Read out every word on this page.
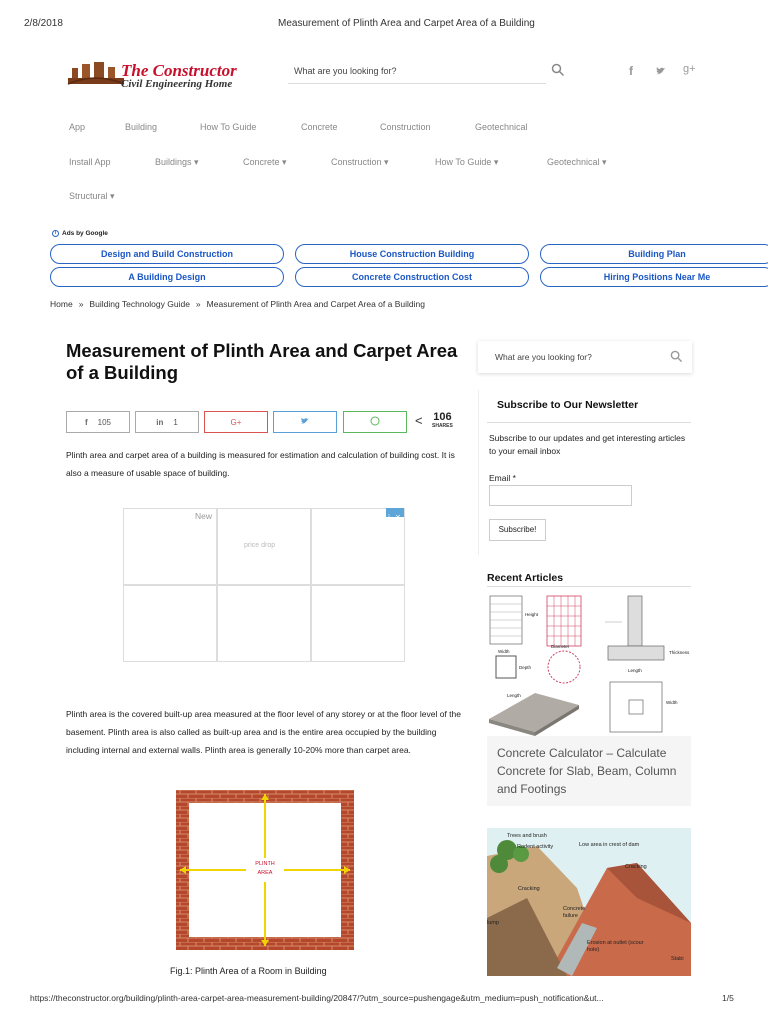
2/8/2018	Measurement of Plinth Area and Carpet Area of a Building
The Constructor
Civil Engineering Home
What are you looking for?	f	g+
App	Building	How To Guide	Concrete	Construction	Geotechnical
Install App	Buildings ▾	Concrete ▾	Construction ▾	How To Guide ▾	Geotechnical ▾
Structural ▾
i Ads by Google
Design and Build Construction	House Construction Building	Building Plan
A Building Design	Concrete Construction Cost	Hiring Positions Near Me
Home » Building Technology Guide » Measurement of Plinth Area and Carpet Area of a Building
Measurement of Plinth Area and Carpet Area of a Building
f 105	in 1	G+	< 106
SHARES
Plinth area and carpet area of a building is measured for estimation and calculation of building cost. It is also a measure of usable space of building.
New
price drop
i ✕
Plinth area is the covered built-up area measured at the floor level of any storey or at the floor level of the basement. Plinth area is also called as built-up area and is the entire area occupied by the building including internal and external walls. Plinth area is generally 10-20% more than carpet area.
PLINTH
AREA
Fig.1: Plinth Area of a Room in Building
What are you looking for?
Subscribe to Our Newsletter
Subscribe to our updates and get interesting articles to your email inbox
Email *
Subscribe!
Recent Articles
Height
Width
Depth
Diameter
Length
Thickness
Length
Width
Concrete Calculator – Calculate Concrete for Slab, Beam, Column and Footings
Trees and brush
Rodent activity	Low area in crest of dam
Cracking
Cracking
Concrete failure
Erosion at outlet (scour hole)
lump
Stabi
https://theconstructor.org/building/plinth-area-carpet-area-measurement-building/20847/?utm_source=pushengage&utm_medium=push_notification&ut...	1/5
